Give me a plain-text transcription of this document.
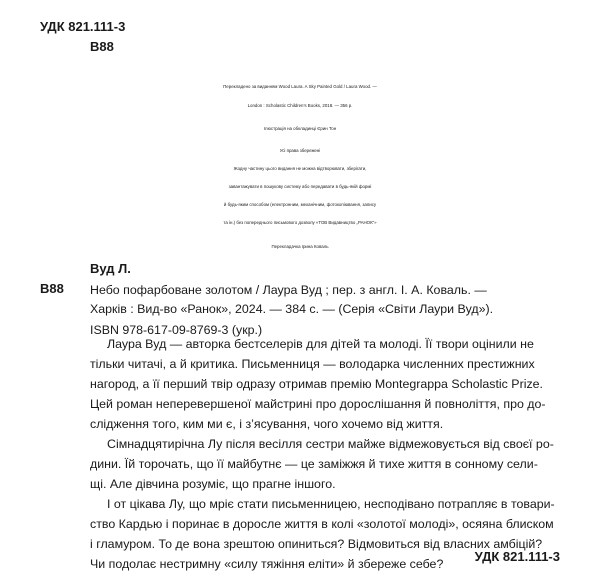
УДК 821.111-3
В88
Перекладено за виданням Wood Laura. A Sky Painted Gold / Laura Wood. —
London : Scholastic Children’s Books, 2018. — 356 p.
Ілюстрація на обкладинці Єрин Тон
Усі права збережені
Жодну частину цього видання не можна відтворювати, зберігати,
завантажувати в пошукову систему або передавати в будь-якій формі
й будь-яким способом (електронним, механічним, фотокопіювання, запису
та ін.) без попереднього письмового дозволу «ТОВ Видавництво „РАНОК“»
Перекладачка Ірина Коваль
Вуд Л.
В88 Небо пофарбоване золотом / Лаура Вуд ; пер. з англ. І. А. Коваль. —
Харків : Вид-во «Ранок», 2024. — 384 с. — (Серія «Світи Лаури Вуд»).
ISBN 978-617-09-8769-3 (укр.)
Лаура Вуд — авторка бестселерів для дітей та молоді. Її твори оцінили не
тільки читачі, а й критика. Письменниця — володарка численних престижних
нагород, а її перший твір одразу отримав премію Montegrappa Scholastic Prize.
Цей роман неперевершеної майстрині про дорослішання й повноліття, про до-
слідження того, ким ми є, і з’ясування, чого хочемо від життя.
Сімнадцятирічна Лу після весілля сестри майже відмежовується від своєї ро-
дини. Їй торочать, що її майбутнє — це заміжжя й тихе життя в сонному сели-
щі. Але дівчина розуміє, що прагне іншого.
І от цікава Лу, що мріє стати письменницею, несподівано потрапляє в товари-
ство Кардью і поринає в доросле життя в колі «золотої молоді», осяяна блиском
і гламуром. То де вона зрештою опиниться? Відмовиться від власних амбіцій?
Чи подолає нестримну «силу тяжіння еліти» й збереже себе? УДК 821.111-3
